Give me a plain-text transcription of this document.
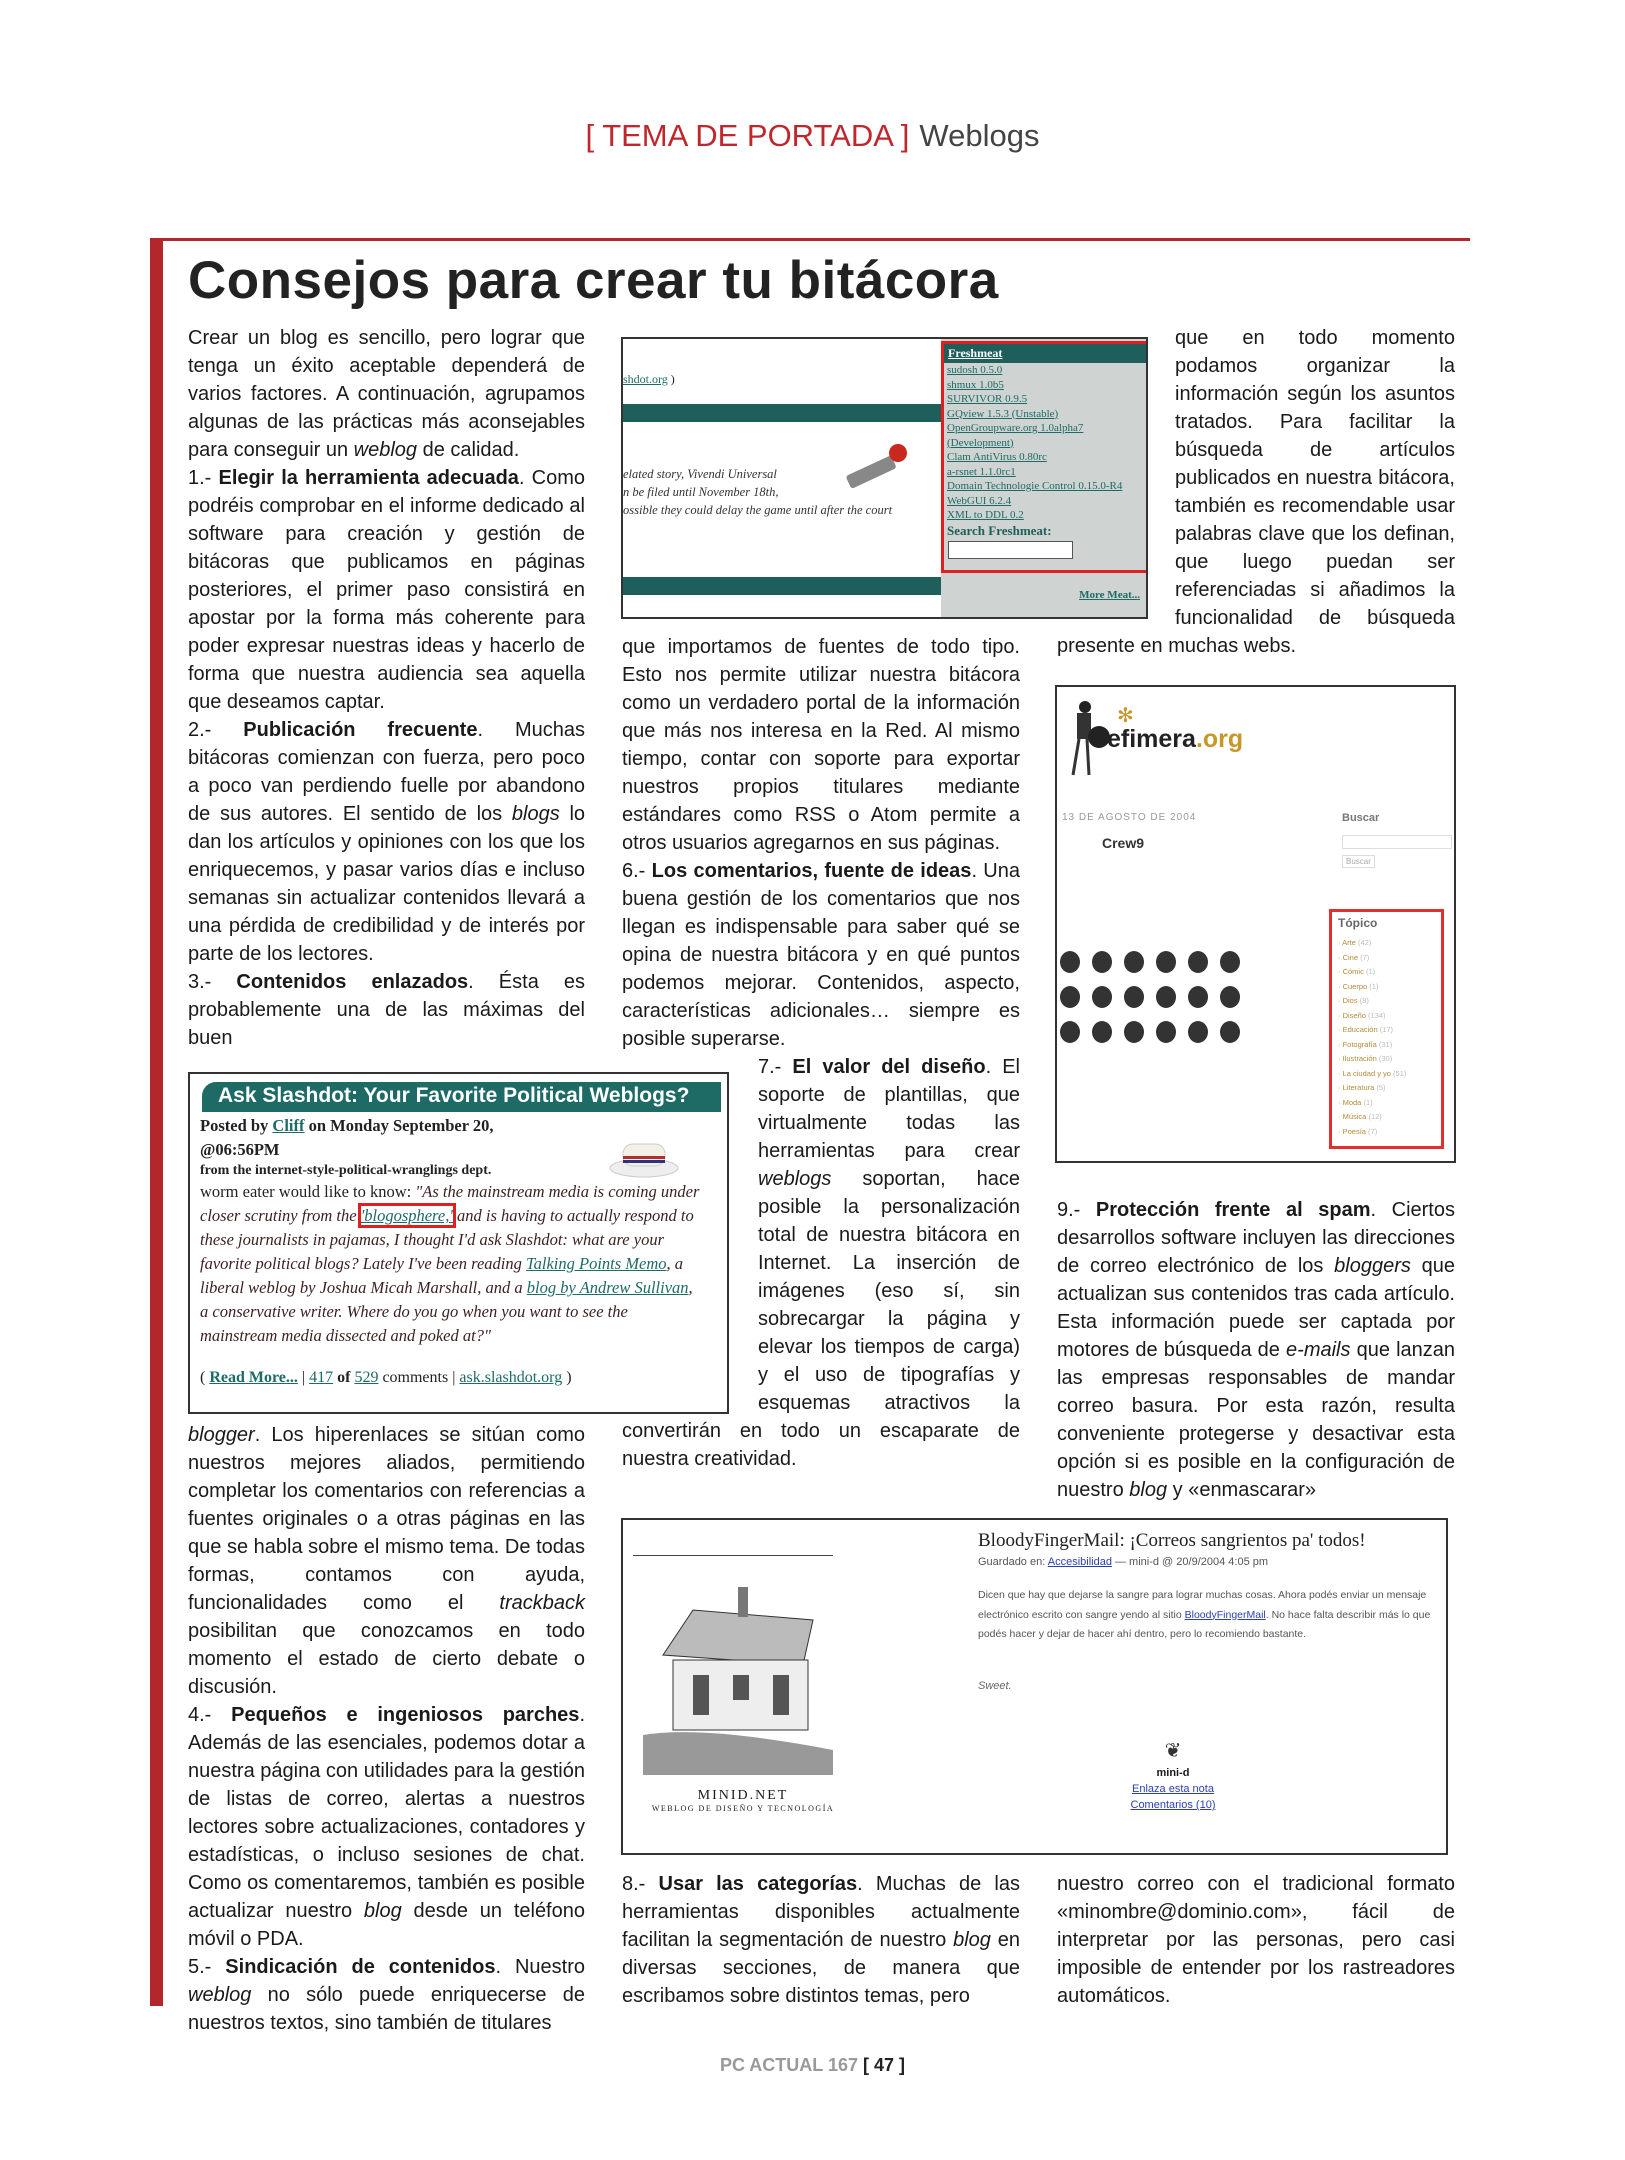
[ TEMA DE PORTADA ] Weblogs
Consejos para crear tu bitácora

Crear un blog es sencillo, pero lograr que tenga un éxito aceptable dependerá de varios factores. A continuación, agrupamos algunas de las prácticas más aconsejables para conseguir un weblog de calidad.

1.- Elegir la herramienta adecuada. Como podréis comprobar en el informe dedicado al software para creación y gestión de bitácoras que publicamos en páginas posteriores, el primer paso consistirá en apostar por la forma más coherente para poder expresar nuestras ideas y hacerlo de forma que nuestra audiencia sea aquella que deseamos captar.

2.- Publicación frecuente. Muchas bitácoras comienzan con fuerza, pero poco a poco van perdiendo fuelle por abandono de sus autores. El sentido de los blogs lo dan los artículos y opiniones con los que los enriquecemos, y pasar varios días e incluso semanas sin actualizar contenidos llevará a una pérdida de credibilidad y de interés por parte de los lectores.

3.- Contenidos enlazados. Ésta es probablemente una de las máximas del buen

blogger. Los hiperenlaces se sitúan como nuestros mejores aliados, permitiendo completar los comentarios con referencias a fuentes originales o a otras páginas en las que se habla sobre el mismo tema. De todas formas, contamos con ayuda, funcionalidades como el trackback posibilitan que conozcamos en todo momento el estado de cierto debate o discusión.

4.- Pequeños e ingeniosos parches. Además de las esenciales, podemos dotar a nuestra página con utilidades para la gestión de listas de correo, alertas a nuestros lectores sobre actualizaciones, contadores y estadísticas, o incluso sesiones de chat. Como os comentaremos, también es posible actualizar nuestro blog desde un teléfono móvil o PDA.

5.- Sindicación de contenidos. Nuestro weblog no sólo puede enriquecerse de nuestros textos, sino también de titulares

que importamos de fuentes de todo tipo. Esto nos permite utilizar nuestra bitácora como un verdadero portal de la información que más nos interesa en la Red. Al mismo tiempo, contar con soporte para exportar nuestros propios titulares mediante estándares como RSS o Atom permite a otros usuarios agregarnos en sus páginas.

6.- Los comentarios, fuente de ideas. Una buena gestión de los comentarios que nos llegan es indispensable para saber qué se opina de nuestra bitácora y en qué puntos podemos mejorar. Contenidos, aspecto, características adicionales… siempre es posible superarse.

7.- El valor del diseño. El soporte de plantillas, que virtualmente todas las herramientas para crear weblogs soportan, hace posible la personalización total de nuestra bitácora en Internet. La inserción de imágenes (eso sí, sin sobrecargar la página y elevar los tiempos de carga) y el uso de tipografías y esquemas atractivos la convertirán en todo un escaparate de nuestra creatividad.

8.- Usar las categorías. Muchas de las herramientas disponibles actualmente facilitan la segmentación de nuestro blog en diversas secciones, de manera que escribamos sobre distintos temas, pero

que en todo momento podamos organizar la información según los asuntos tratados. Para facilitar la búsqueda de artículos publicados en nuestra bitácora, también es recomendable usar palabras clave que los definan, que luego puedan ser referenciadas si añadimos la funcionalidad de búsqueda presente en muchas webs.

9.- Protección frente al spam. Ciertos desarrollos software incluyen las direcciones de correo electrónico de los bloggers que actualizan sus contenidos tras cada artículo. Esta información puede ser captada por motores de búsqueda de e-mails que lanzan las empresas responsables de mandar correo basura. Por esta razón, resulta conveniente protegerse y desactivar esta opción si es posible en la configuración de nuestro blog y «enmascarar»

nuestro correo con el tradicional formato «minombre@dominio.com», fácil de interpretar por las personas, pero casi imposible de entender por los rastreadores automáticos.

shdot.org )
elated story, Vivendi Universal
n be filed until November 18th,
ossible they could delay the game until after the court
Freshmeat
sudosh 0.5.0
shmux 1.0b5
SURVIVOR 0.9.5
GQview 1.5.3 (Unstable)
OpenGroupware.org 1.0alpha7 (Development)
Clam AntiVirus 0.80rc
a-rsnet 1.1.0rc1
Domain Technologie Control 0.15.0-R4
WebGUI 6.2.4
XML to DDL 0.2
Search Freshmeat:
More Meat...
Ask Slashdot: Your Favorite Political Weblogs?
Posted by Cliff on Monday September 20,
@06:56PM
from the internet-style-political-wranglings dept.
worm eater would like to know: "As the mainstream media is coming under closer scrutiny from the 'blogosphere,' and is having to actually respond to these journalists in pajamas, I thought I'd ask Slashdot: what are your favorite political blogs? Lately I've been reading Talking Points Memo, a liberal weblog by Joshua Micah Marshall, and a blog by Andrew Sullivan, a conservative writer. Where do you go when you want to see the mainstream media dissected and poked at?"
( Read More... | 417 of 529 comments | ask.slashdot.org )
✻
efimera.org
13 DE AGOSTO DE 2004
Crew9
Buscar
Buscar
Tópico
· Arte (42)
· Cine (7)
· Cómic (1)
· Cuerpo (1)
· Dios (8)
· Diseño (134)
· Educación (17)
· Fotografía (31)
· Ilustración (30)
· La ciudad y yo (51)
· Literatura (5)
· Moda (1)
· Música (12)
· Poesía (7)
MINID.NET
WEBLOG DE DISEÑO Y TECNOLOGÍA
BloodyFingerMail: ¡Correos sangrientos pa' todos!
Guardado en: Accesibilidad — mini-d @ 20/9/2004 4:05 pm
Dicen que hay que dejarse la sangre para lograr muchas cosas. Ahora podés enviar un mensaje electrónico escrito con sangre yendo al sitio BloodyFingerMail. No hace falta describir más lo que podés hacer y dejar de hacer ahí dentro, pero lo recomiendo bastante.
Sweet.
❦
mini-d
Enlaza esta nota
Comentarios (10)
PC ACTUAL 167 [ 47 ]
